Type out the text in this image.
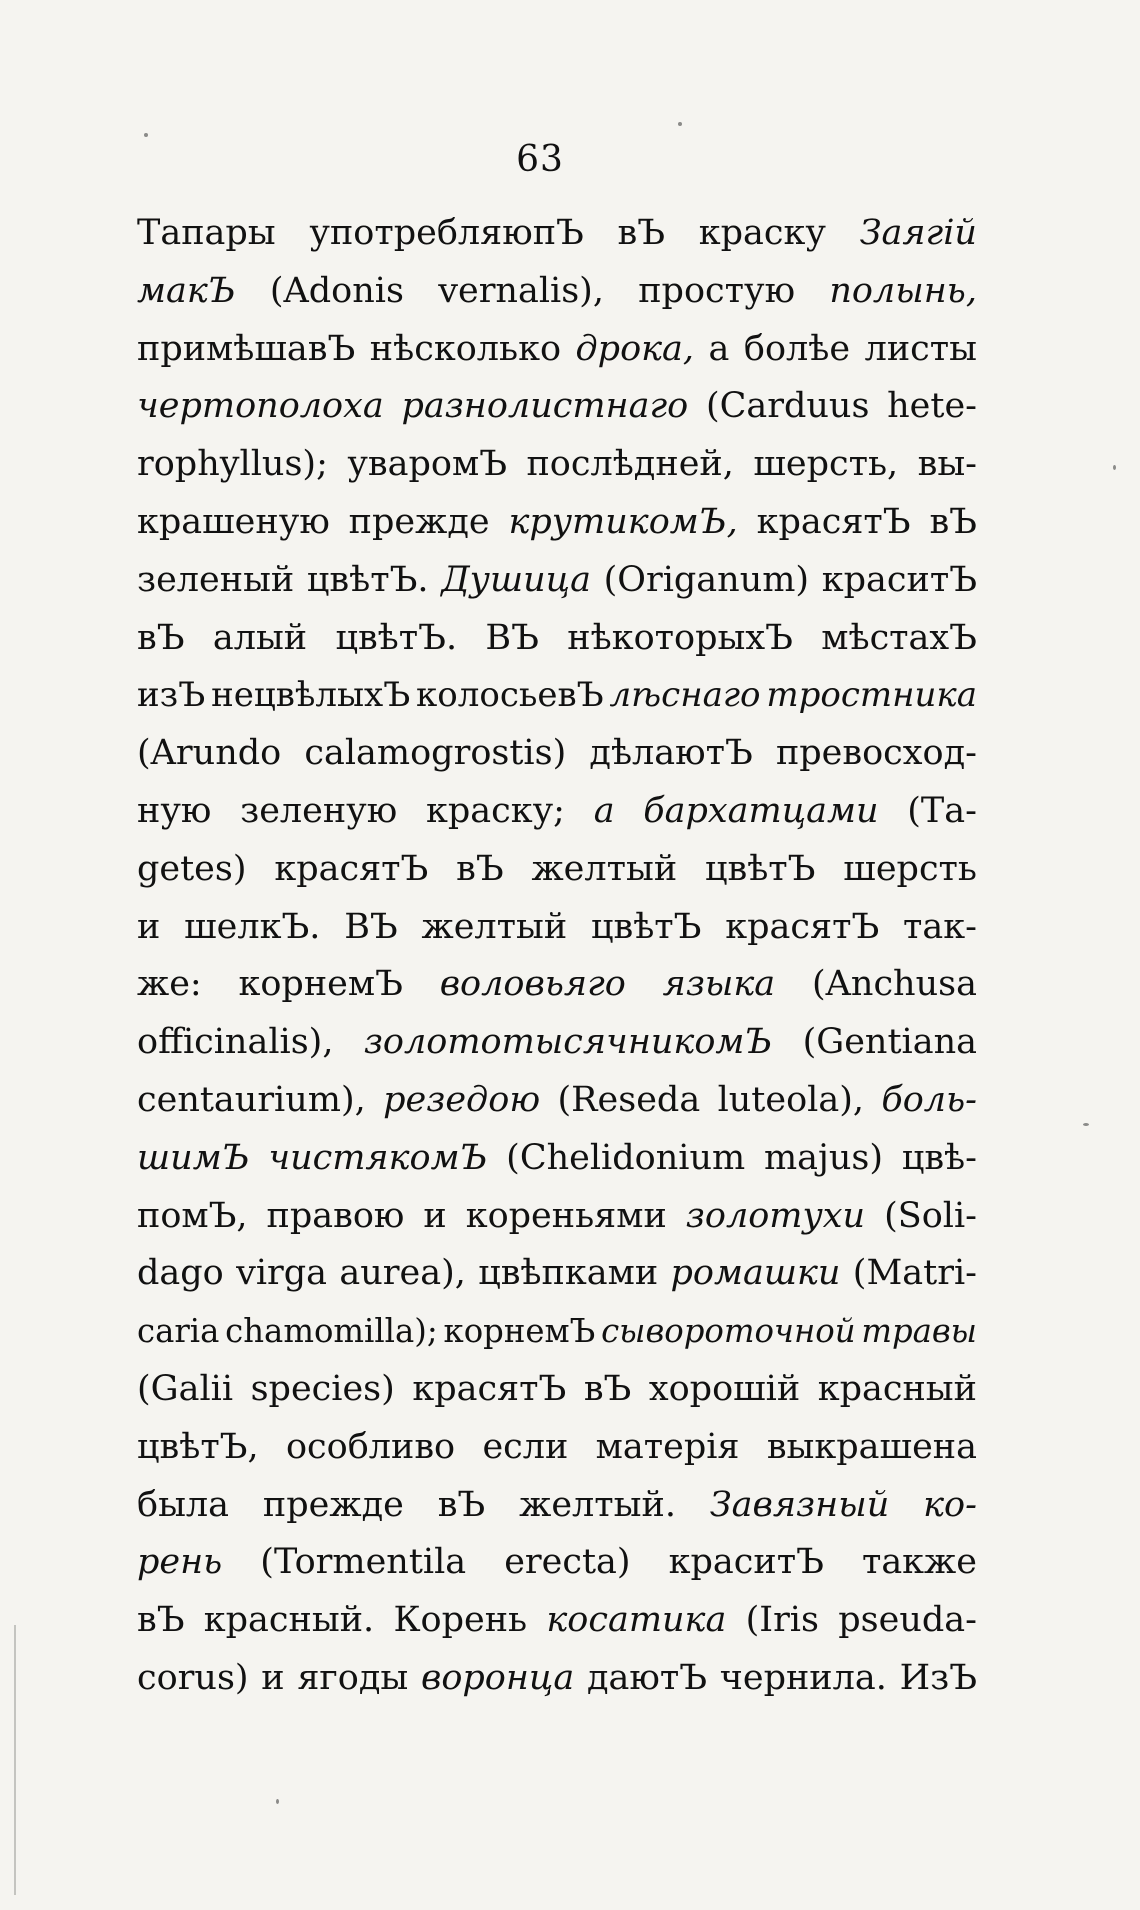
63
Тапары употребляюпЪ вЪ краску Заягій
макЪ (Adonis vernalis), простую полынь,
примѣшавЪ нѣсколько дрока, а болѣе листы
чертополоха разнолистнаго (Carduus hete-
rophyllus); уваромЪ послѣдней, шерсть, вы-
крашеную прежде крутикомЪ, красятЪ вЪ
зеленый цвѣтЪ. Душица (Origanum) краситЪ
вЪ алый цвѣтЪ. ВЪ нѣкоторыхЪ мѣстахЪ
изЪ нецвѣлыхЪ колосьевЪ лѣснаго тростника
(Arundo calamogrostis) дѣлаютЪ превосход-
ную зеленую краску; а бархатцами (Та-
getes) красятЪ вЪ желтый цвѣтЪ шерсть
и шелкЪ. ВЪ желтый цвѣтЪ красятЪ так-
же: корнемЪ воловьяго языка (Anchusa
officinalis), золототысячникомЪ (Gentiana
centaurium), резедою (Reseda luteola), боль-
шимЪ чистякомЪ (Chelidonium majus) цвѣ-
помЪ, правою и кореньями золотухи (Soli-
dago virga aurea), цвѣпками ромашки (Matri-
caria chamomilla); корнемЪ сывороточной травы
(Galii species) красятЪ вЪ хорошій красный
цвѣтЪ, особливо если матерія выкрашена
была прежде вЪ желтый. Завязный ко-
рень (Tormentila erecta) краситЪ также
вЪ красный. Корень косатика (Iris pseuda-
corus) и ягоды воронца даютЪ чернила. ИзЪ
